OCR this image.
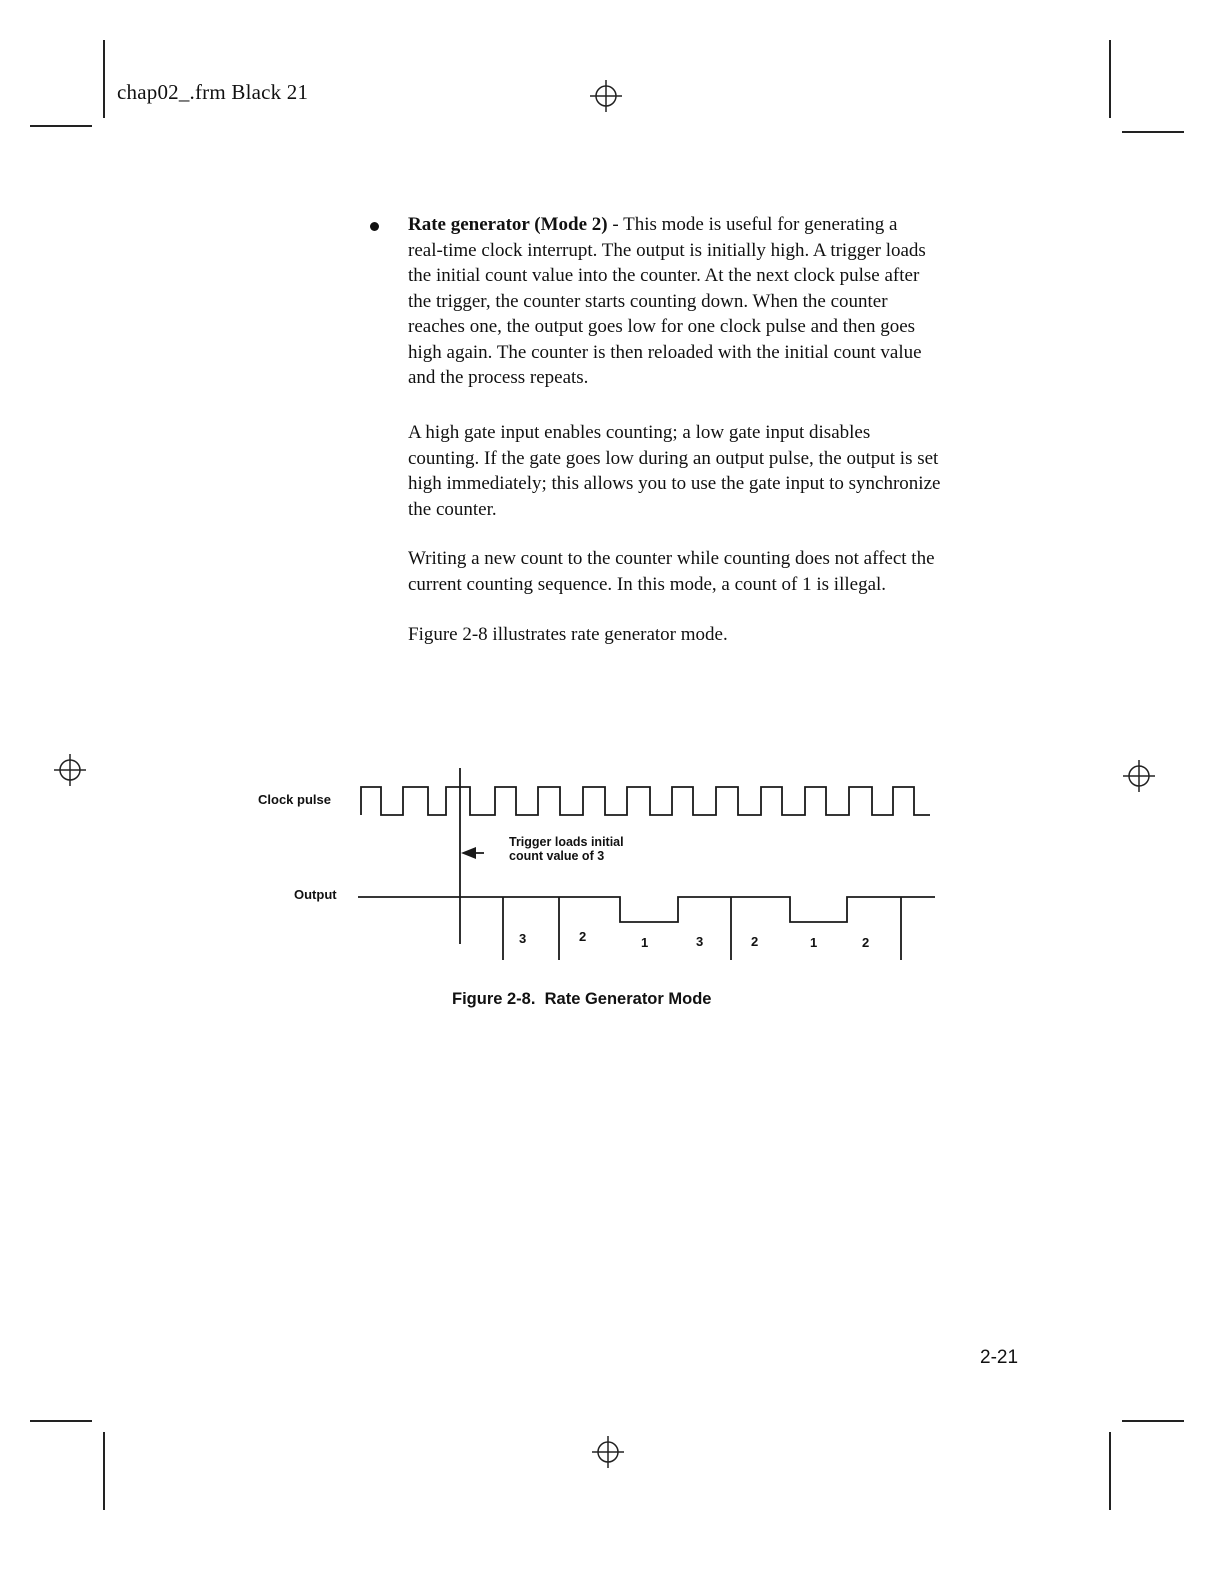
chap02_.frm Black 21

Rate generator (Mode 2) - This mode is useful for generating a

real-time clock interrupt. The output is initially high. A trigger loads

the initial count value into the counter. At the next clock pulse after

the trigger, the counter starts counting down. When the counter

reaches one, the output goes low for one clock pulse and then goes

high again. The counter is then reloaded with the initial count value

and the process repeats.

A high gate input enables counting; a low gate input disables

counting. If the gate goes low during an output pulse, the output is set

high immediately; this allows you to use the gate input to synchronize

the counter.

Writing a new count to the counter while counting does not affect the

current counting sequence. In this mode, a count of 1 is illegal.

Figure 2-8 illustrates rate generator mode.

Clock pulse
Output
Trigger loads initial
count value of 3
3	2	1	3	2	1	2
Figure 2-8.  Rate Generator Mode
2-21
